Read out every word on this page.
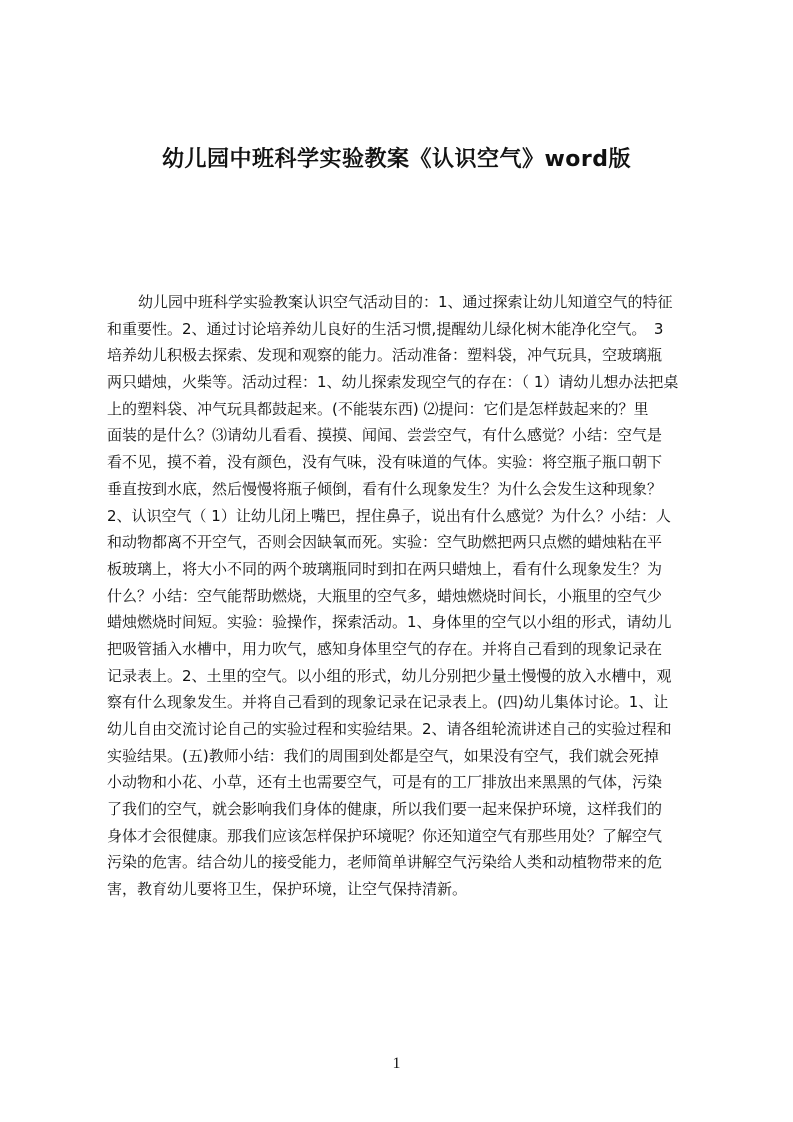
幼儿园中班科学实验教案《认识空气》word版
幼儿园中班科学实验教案认识空气活动目的：1、通过探索让幼儿知道空气的特征
和重要性。2、通过讨论培养幼儿良好的生活习惯,提醒幼儿绿化树木能净化空气。　3
培养幼儿积极去探索、发现和观察的能力。活动准备：塑料袋，冲气玩具，空玻璃瓶
两只蜡烛，火柴等。活动过程：1、幼儿探索发现空气的存在：（ 1）请幼儿想办法把桌
上的塑料袋、冲气玩具都鼓起来。(不能装东西) ⑵提问：它们是怎样鼓起来的？里
面装的是什么？⑶请幼儿看看、摸摸、闻闻、尝尝空气，有什么感觉？小结：空气是
看不见，摸不着，没有颜色，没有气味，没有味道的气体。实验：将空瓶子瓶口朝下
垂直按到水底，然后慢慢将瓶子倾倒，看有什么现象发生？为什么会发生这种现象？
2、认识空气（ 1）让幼儿闭上嘴巴，捏住鼻子，说出有什么感觉？为什么？小结：人
和动物都离不开空气，否则会因缺氧而死。实验：空气助燃把两只点燃的蜡烛粘在平
板玻璃上，将大小不同的两个玻璃瓶同时到扣在两只蜡烛上，看有什么现象发生？为
什么？小结：空气能帮助燃烧，大瓶里的空气多，蜡烛燃烧时间长，小瓶里的空气少
蜡烛燃烧时间短。实验：验操作，探索活动。1、身体里的空气以小组的形式，请幼儿
把吸管插入水槽中，用力吹气，感知身体里空气的存在。并将自己看到的现象记录在
记录表上。2、土里的空气。以小组的形式，幼儿分别把少量土慢慢的放入水槽中，观
察有什么现象发生。并将自己看到的现象记录在记录表上。(四)幼儿集体讨论。1、让
幼儿自由交流讨论自己的实验过程和实验结果。2、请各组轮流讲述自己的实验过程和
实验结果。(五)教师小结：我们的周围到处都是空气，如果没有空气，我们就会死掉
小动物和小花、小草，还有土也需要空气，可是有的工厂排放出来黑黑的气体，污染
了我们的空气，就会影响我们身体的健康，所以我们要一起来保护环境，这样我们的
身体才会很健康。那我们应该怎样保护环境呢？你还知道空气有那些用处？了解空气
污染的危害。结合幼儿的接受能力，老师简单讲解空气污染给人类和动植物带来的危
害，教育幼儿要将卫生，保护环境，让空气保持清新。
1
